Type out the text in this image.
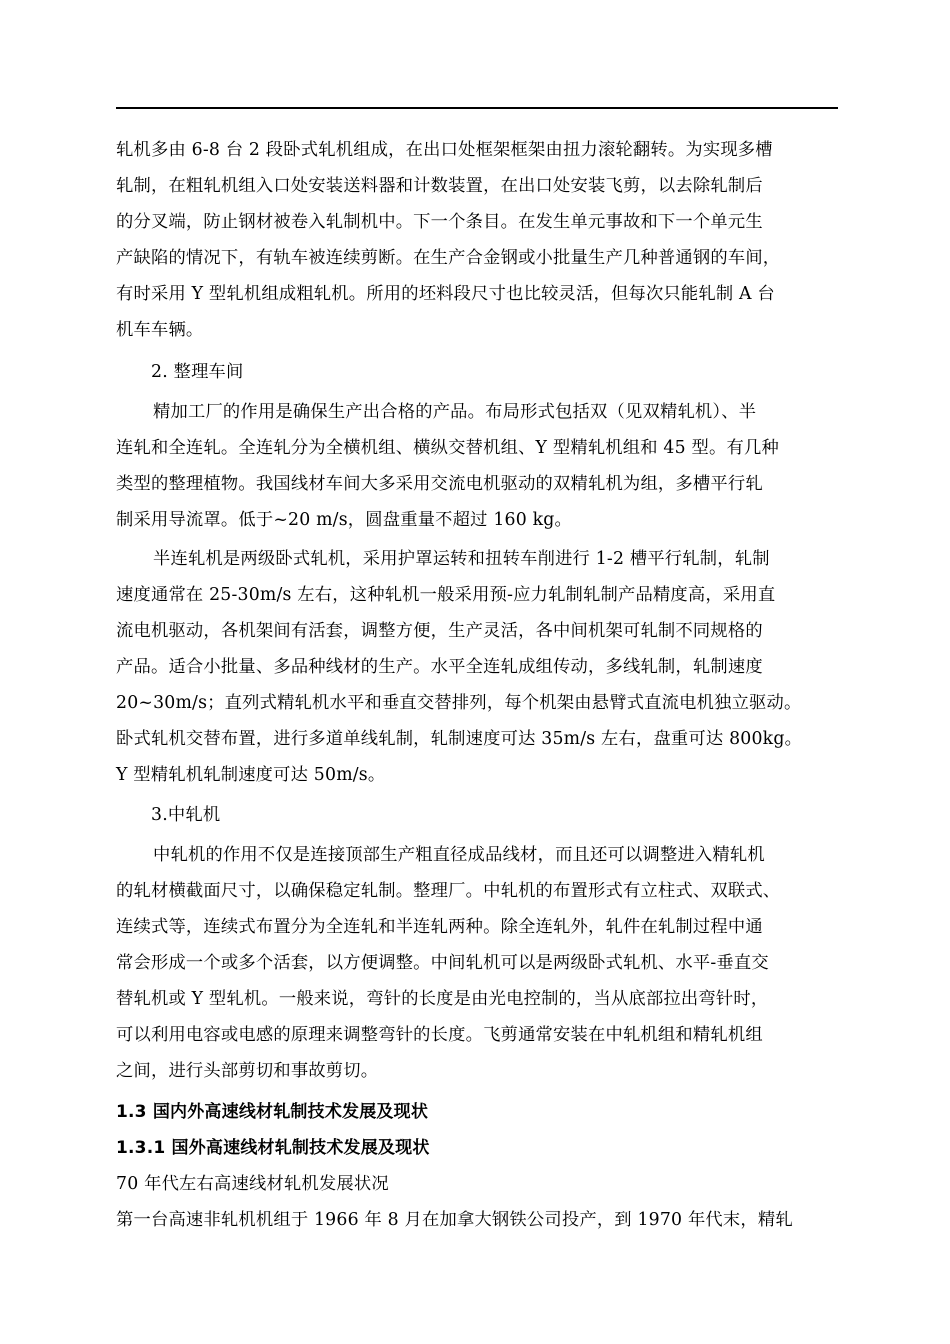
轧机多由 6-8 台 2 段卧式轧机组成，在出口处框架框架由扭力滚轮翻转。为实现多槽
轧制，在粗轧机组入口处安装送料器和计数装置，在出口处安装飞剪，以去除轧制后
的分叉端，防止钢材被卷入轧制机中。下一个条目。在发生单元事故和下一个单元生
产缺陷的情况下，有轨车被连续剪断。在生产合金钢或小批量生产几种普通钢的车间，
有时采用 Y 型轧机组成粗轧机。所用的坯料段尺寸也比较灵活，但每次只能轧制 A 台
机车车辆。
2. 整理车间
精加工厂的作用是确保生产出合格的产品。布局形式包括双（见双精轧机）、半
连轧和全连轧。全连轧分为全横机组、横纵交替机组、Y 型精轧机组和 45 型。有几种
类型的整理植物。我国线材车间大多采用交流电机驱动的双精轧机为组，多槽平行轧
制采用导流罩。低于~20 m/s，圆盘重量不超过 160 kg。
半连轧机是两级卧式轧机，采用护罩运转和扭转车削进行 1-2 槽平行轧制，轧制
速度通常在 25-30m/s 左右，这种轧机一般采用预-应力轧制轧制产品精度高，采用直
流电机驱动，各机架间有活套，调整方便，生产灵活，各中间机架可轧制不同规格的
产品。适合小批量、多品种线材的生产。水平全连轧成组传动，多线轧制，轧制速度
20~30m/s；直列式精轧机水平和垂直交替排列，每个机架由悬臂式直流电机独立驱动。
卧式轧机交替布置，进行多道单线轧制，轧制速度可达 35m/s 左右，盘重可达 800kg。
Y 型精轧机轧制速度可达 50m/s。
3.中轧机
中轧机的作用不仅是连接顶部生产粗直径成品线材，而且还可以调整进入精轧机
的轧材横截面尺寸，以确保稳定轧制。整理厂。中轧机的布置形式有立柱式、双联式、
连续式等，连续式布置分为全连轧和半连轧两种。除全连轧外，轧件在轧制过程中通
常会形成一个或多个活套，以方便调整。中间轧机可以是两级卧式轧机、水平-垂直交
替轧机或 Y 型轧机。一般来说，弯针的长度是由光电控制的，当从底部拉出弯针时，
可以利用电容或电感的原理来调整弯针的长度。飞剪通常安装在中轧机组和精轧机组
之间，进行头部剪切和事故剪切。
1.3 国内外高速线材轧制技术发展及现状
1.3.1 国外高速线材轧制技术发展及现状
70 年代左右高速线材轧机发展状况
第一台高速非轧机机组于 1966 年 8 月在加拿大钢铁公司投产，到 1970 年代末，精轧
